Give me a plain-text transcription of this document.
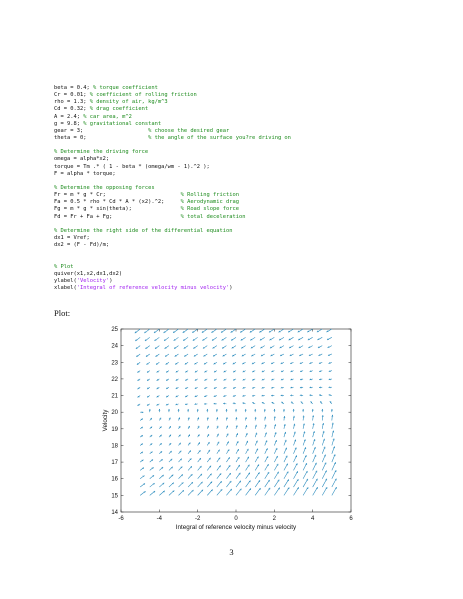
beta = 0.4; % torque coefficient
Cr = 0.01; % coefficient of rolling friction
rho = 1.3; % density of air, kg/m^3
Cd = 0.32; % drag coefficient
A = 2.4; % car area, m^2
g = 9.8; % gravitational constant
gear = 3;                    % choose the desired gear
theta = 0;                   % the angle of the surface you?re driving on

% Determine the driving force
omega = alpha*x2;
torque = Tm .* ( 1 - beta * (omega/wm - 1).^2 );
F = alpha * torque;

% Determine the opposing forces
Fr = m * g * Cr;                       % Rolling friction
Fa = 0.5 * rho * Cd * A * (x2).^2;     % Aerodynamic drag
Fg = m * g * sin(theta);               % Road slope force
Fd = Fr + Fa + Fg;                     % total deceleration

% Determine the right side of the differential equation
dx1 = Vref;
dx2 = (F - Fd)/m;

% Plot
quiver(x1,x2,dx1,dx2)
ylabel('Velocity')
xlabel('Integral of reference velocity minus velocity')
Plot:
-6	-4	-2	0	2	4	6
14
15
16
17
18
19
20
21
22
23
24
25
Integral of reference velocity minus velocity
Velocity
3
